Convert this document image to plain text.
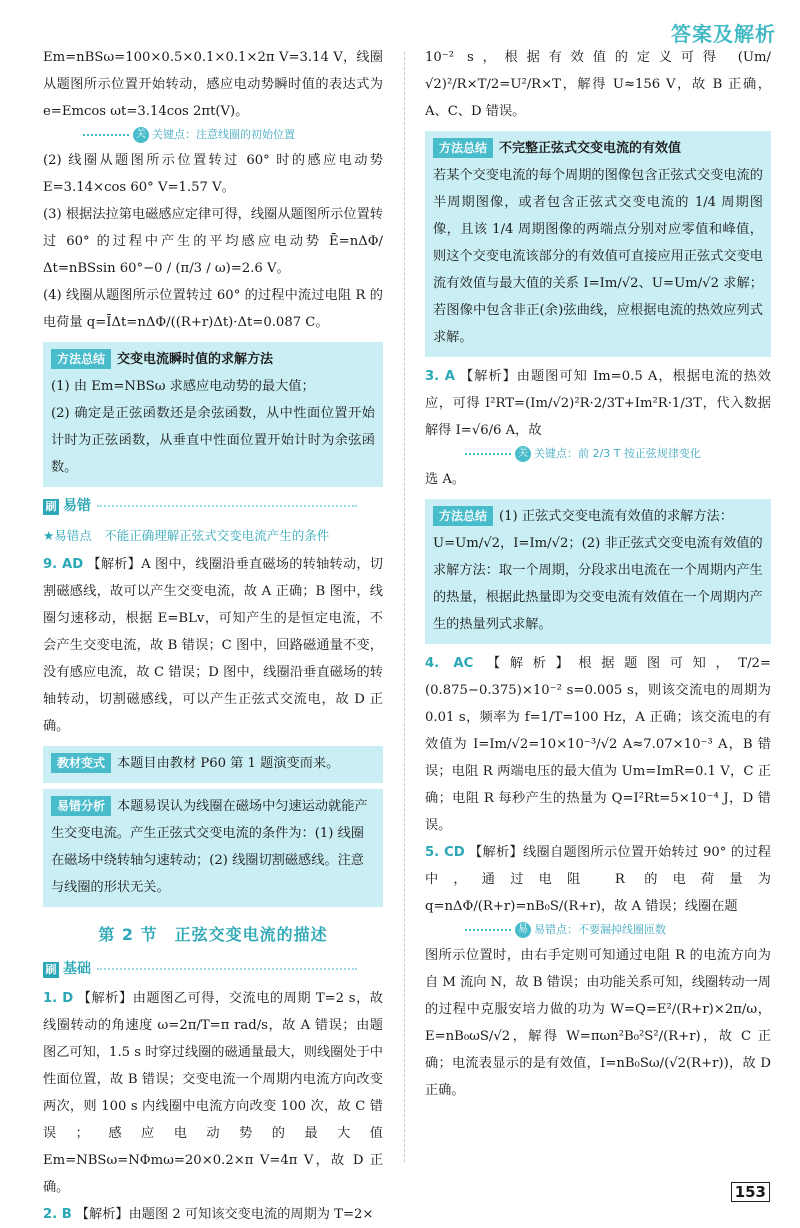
答案及解析

Em=nBSω=100×0.5×0.1×0.1×2π V=3.14 V，线圈从题图所示位置开始转动，感应电动势瞬时值的表达式为 e=Emcos ωt=3.14cos 2πt(V)。

关 关键点：注意线圈的初始位置

(2) 线圈从题图所示位置转过 60° 时的感应电动势 E=3.14×cos 60° V=1.57 V。

(3) 根据法拉第电磁感应定律可得，线圈从题图所示位置转过 60° 的过程中产生的平均感应电动势 Ē=nΔΦ/Δt=nBSsin 60°−0 / (π/3 / ω)=2.6 V。

(4) 线圈从题图所示位置转过 60° 的过程中流过电阻 R 的电荷量 q=ĪΔt=nΔΦ/((R+r)Δt)·Δt=0.087 C。

方法总结 交变电流瞬时值的求解方法

(1) 由 Em=NBSω 求感应电动势的最大值；

(2) 确定是正弦函数还是余弦函数，从中性面位置开始计时为正弦函数，从垂直中性面位置开始计时为余弦函数。

刷 易错
★易错点　不能正确理解正弦式交变电流产生的条件

9. AD 【解析】A 图中，线圈沿垂直磁场的转轴转动，切割磁感线，故可以产生交变电流，故 A 正确；B 图中，线圈匀速移动，根据 E=BLv，可知产生的是恒定电流，不会产生交变电流，故 B 错误；C 图中，回路磁通量不变，没有感应电流，故 C 错误；D 图中，线圈沿垂直磁场的转轴转动，切割磁感线，可以产生正弦式交流电，故 D 正确。

教材变式 本题目由教材 P60 第 1 题演变而来。
易错分析 本题易误认为线圈在磁场中匀速运动就能产生交变电流。产生正弦式交变电流的条件为：(1) 线圈在磁场中绕转轴匀速转动；(2) 线圈切割磁感线。注意与线圈的形状无关。
第 2 节　正弦交变电流的描述
刷 基础

1. D 【解析】由题图乙可得，交流电的周期 T=2 s，故线圈转动的角速度 ω=2π/T=π rad/s，故 A 错误；由题图乙可知，1.5 s 时穿过线圈的磁通量最大，则线圈处于中性面位置，故 B 错误；交变电流一个周期内电流方向改变两次，则 100 s 内线圈中电流方向改变 100 次，故 C 错误；感应电动势的最大值 Em=NBSω=NΦmω=20×0.2×π V=4π V，故 D 正确。

2. B 【解析】由题图 2 可知该交变电流的周期为 T=2×

10⁻² s，根据有效值的定义可得 (Um/√2)²/R×T/2=U²/R×T，解得 U≈156 V，故 B 正确，A、C、D 错误。

方法总结 不完整正弦式交变电流的有效值

若某个交变电流的每个周期的图像包含正弦式交变电流的半周期图像，或者包含正弦式交变电流的 1/4 周期图像，且该 1/4 周期图像的两端点分别对应零值和峰值，则这个交变电流该部分的有效值可直接应用正弦式交变电流有效值与最大值的关系 I=Im/√2、U=Um/√2 求解；若图像中包含非正(余)弦曲线，应根据电流的热效应列式求解。

3. A 【解析】由题图可知 Im=0.5 A，根据电流的热效应，可得 I²RT=(Im/√2)²R·2/3T+Im²R·1/3T，代入数据解得 I=√6/6 A，故

关 关键点：前 2/3 T 按正弦规律变化

选 A。

方法总结 (1) 正弦式交变电流有效值的求解方法：U=Um/√2，I=Im/√2；(2) 非正弦式交变电流有效值的求解方法：取一个周期，分段求出电流在一个周期内产生的热量，根据此热量即为交变电流有效值在一个周期内产生的热量列式求解。

4. AC 【解析】根据题图可知，T/2=(0.875−0.375)×10⁻² s=0.005 s，则该交流电的周期为 0.01 s，频率为 f=1/T=100 Hz，A 正确；该交流电的有效值为 I=Im/√2=10×10⁻³/√2 A≈7.07×10⁻³ A，B 错误；电阻 R 两端电压的最大值为 Um=ImR=0.1 V，C 正确；电阻 R 每秒产生的热量为 Q=I²Rt=5×10⁻⁴ J，D 错误。

5. CD 【解析】线圈自题图所示位置开始转过 90° 的过程中，通过电阻 R 的电荷量为 q=nΔΦ/(R+r)=nB₀S/(R+r)，故 A 错误；线圈在题

易 易错点：不要漏掉线圈匝数

图所示位置时，由右手定则可知通过电阻 R 的电流方向为自 M 流向 N，故 B 错误；由功能关系可知，线圈转动一周的过程中克服安培力做的功为 W=Q=E²/(R+r)×2π/ω，E=nB₀ωS/√2，解得 W=πωn²B₀²S²/(R+r)，故 C 正确；电流表显示的是有效值，I=nB₀Sω/(√2(R+r))，故 D 正确。

153
